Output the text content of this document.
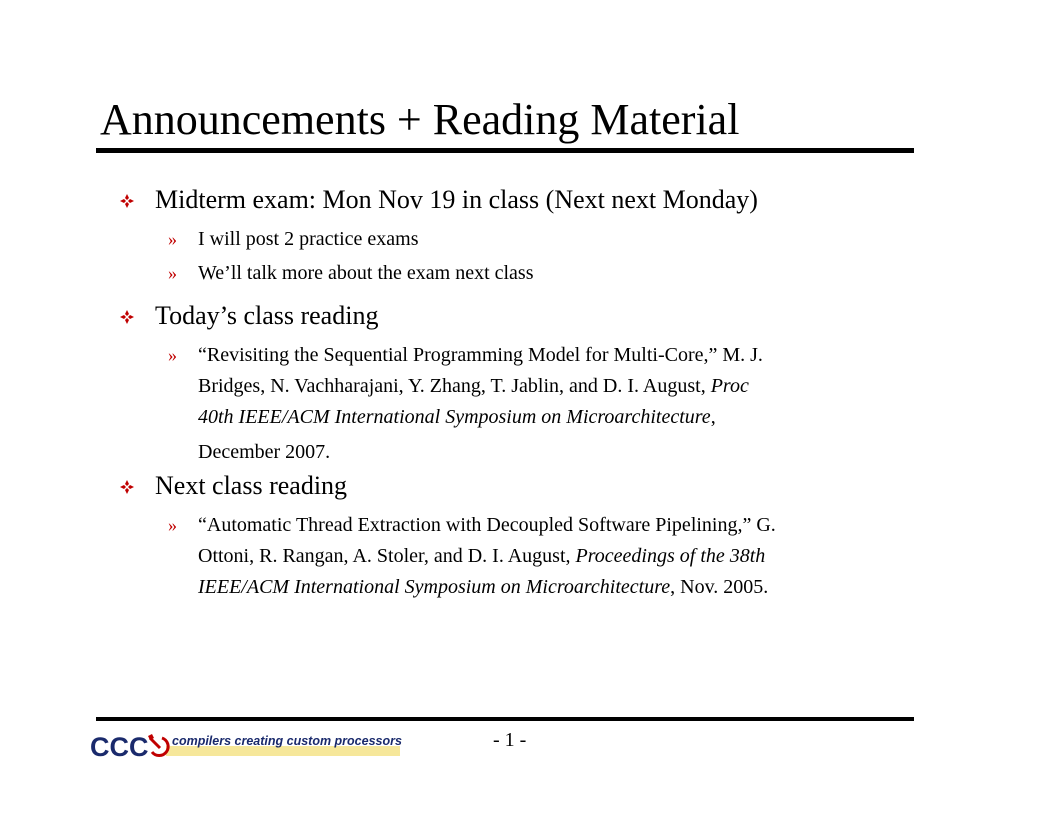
Announcements + Reading Material
Midterm exam: Mon Nov 19 in class (Next next Monday)
» I will post 2 practice exams
» We’ll talk more about the exam next class
Today’s class reading
» “Revisiting the Sequential Programming Model for Multi-Core,” M. J.
Bridges, N. Vachharajani, Y. Zhang, T. Jablin, and D. I. August, Proc
40th IEEE/ACM International Symposium on Microarchitecture,
December 2007.
Next class reading
» “Automatic Thread Extraction with Decoupled Software Pipelining,” G.
Ottoni, R. Rangan, A. Stoler, and D. I. August, Proceedings of the 38th
IEEE/ACM International Symposium on Microarchitecture, Nov. 2005.
CCC compilers creating custom processors	- 1 -
